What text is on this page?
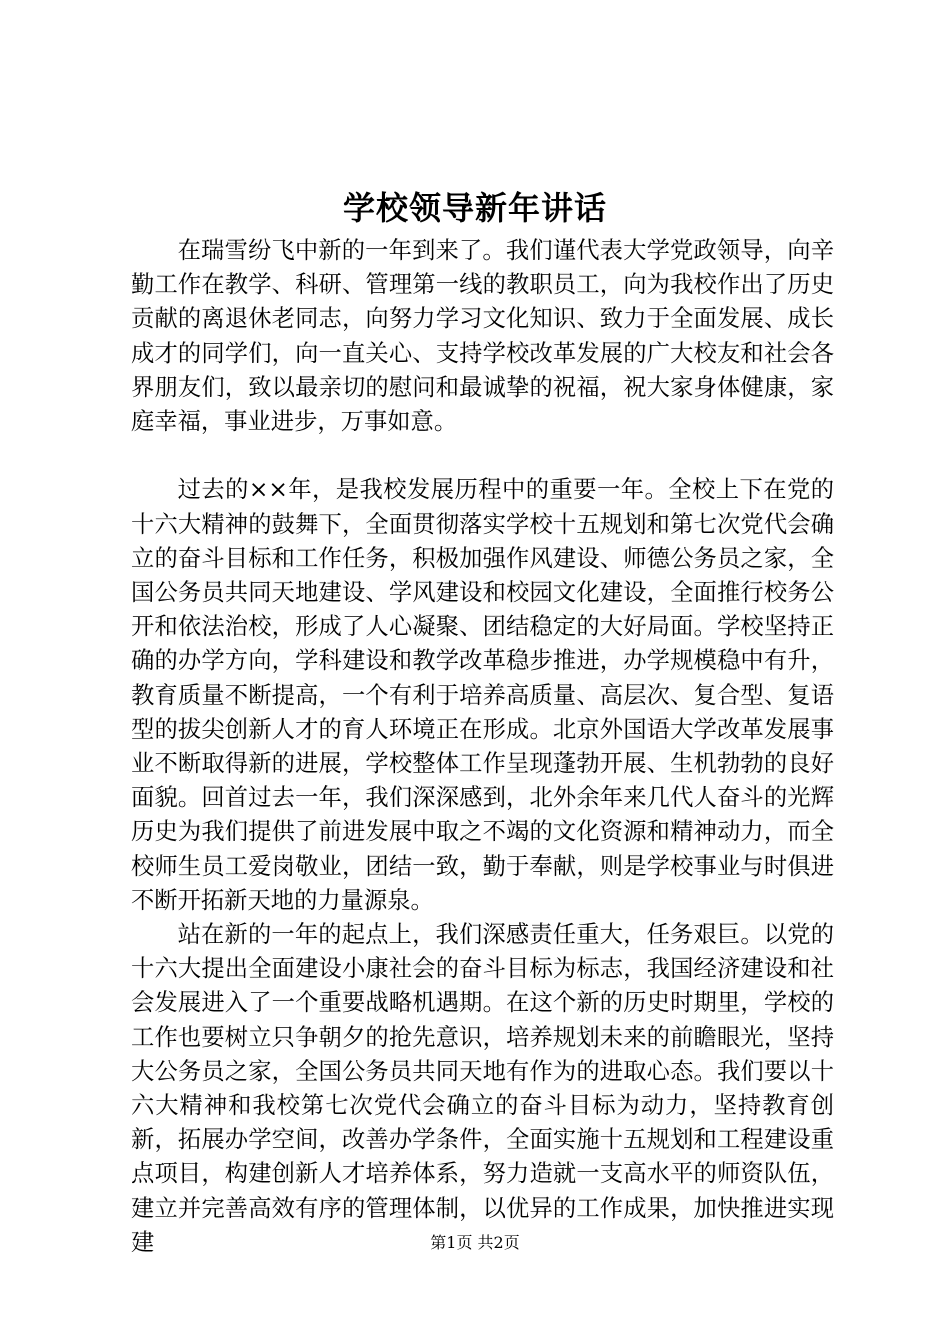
学校领导新年讲话

在瑞雪纷飞中新的一年到来了。我们谨代表大学党政领导，向辛勤工作在教学、科研、管理第一线的教职员工，向为我校作出了历史贡献的离退休老同志，向努力学习文化知识、致力于全面发展、成长成才的同学们，向一直关心、支持学校改革发展的广大校友和社会各界朋友们，致以最亲切的慰问和最诚挚的祝福，祝大家身体健康，家庭幸福，事业进步，万事如意。

过去的××年，是我校发展历程中的重要一年。全校上下在党的十六大精神的鼓舞下，全面贯彻落实学校十五规划和第七次党代会确立的奋斗目标和工作任务，积极加强作风建设、师德公务员之家，全国公务员共同天地建设、学风建设和校园文化建设，全面推行校务公开和依法治校，形成了人心凝聚、团结稳定的大好局面。学校坚持正确的办学方向，学科建设和教学改革稳步推进，办学规模稳中有升，教育质量不断提高，一个有利于培养高质量、高层次、复合型、复语型的拔尖创新人才的育人环境正在形成。北京外国语大学改革发展事业不断取得新的进展，学校整体工作呈现蓬勃开展、生机勃勃的良好面貌。回首过去一年，我们深深感到，北外余年来几代人奋斗的光辉历史为我们提供了前进发展中取之不竭的文化资源和精神动力，而全校师生员工爱岗敬业，团结一致，勤于奉献，则是学校事业与时俱进不断开拓新天地的力量源泉。

站在新的一年的起点上，我们深感责任重大，任务艰巨。以党的十六大提出全面建设小康社会的奋斗目标为标志，我国经济建设和社会发展进入了一个重要战略机遇期。在这个新的历史时期里，学校的工作也要树立只争朝夕的抢先意识，培养规划未来的前瞻眼光，坚持大公务员之家，全国公务员共同天地有作为的进取心态。我们要以十六大精神和我校第七次党代会确立的奋斗目标为动力，坚持教育创新，拓展办学空间，改善办学条件，全面实施十五规划和工程建设重点项目，构建创新人才培养体系，努力造就一支高水平的师资队伍，建立并完善高效有序的管理体制，以优异的工作成果，加快推进实现建	第1页 共2页
